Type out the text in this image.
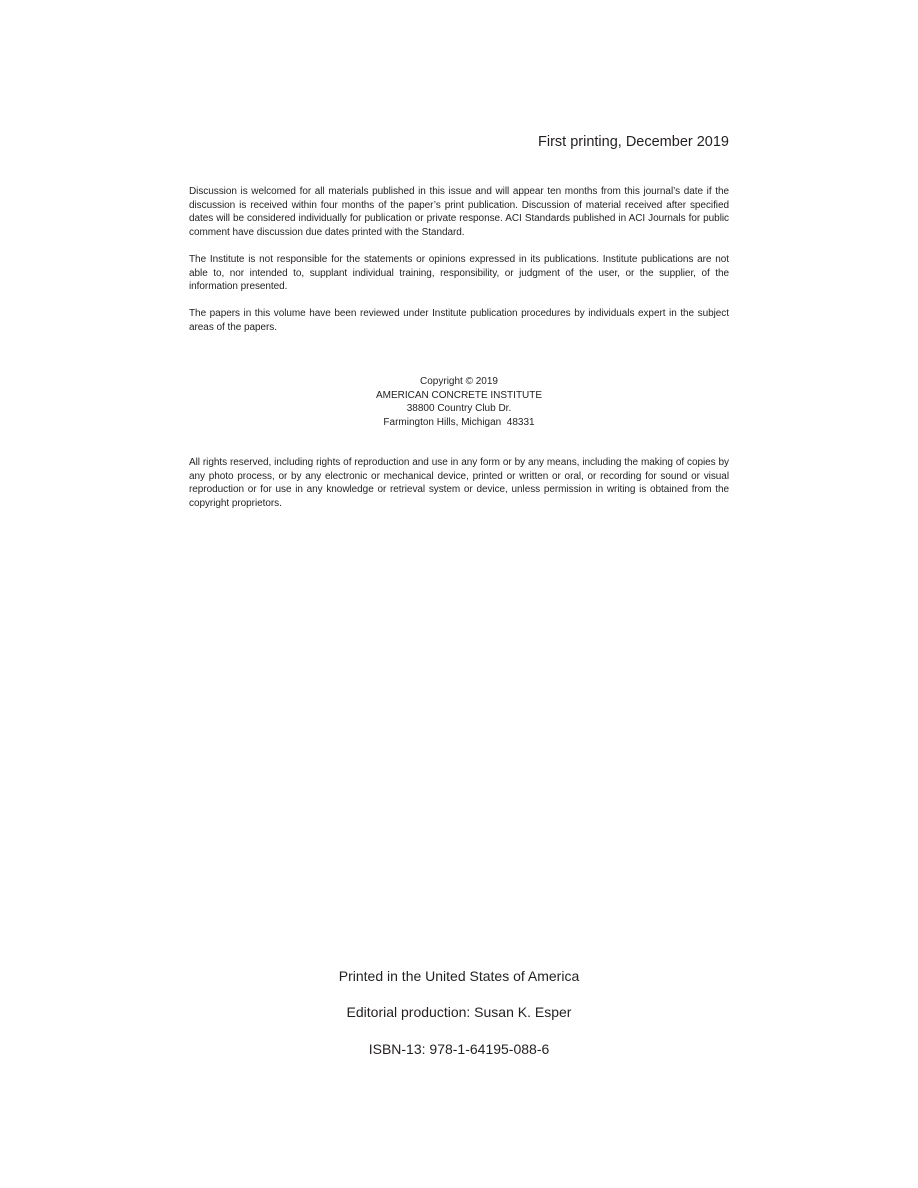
First printing, December 2019

Discussion is welcomed for all materials published in this issue and will appear ten months from this journal’s date if the discussion is received within four months of the paper’s print publication. Discussion of material received after specified dates will be considered individually for publication or private response. ACI Standards published in ACI Journals for public comment have discussion due dates printed with the Standard.

The Institute is not responsible for the statements or opinions expressed in its publications. Institute publications are not able to, nor intended to, supplant individual training, responsibility, or judgment of the user, or the supplier, of the information presented.

The papers in this volume have been reviewed under Institute publication procedures by individuals expert in the subject areas of the papers.

Copyright © 2019
AMERICAN CONCRETE INSTITUTE
38800 Country Club Dr.
Farmington Hills, Michigan  48331

All rights reserved, including rights of reproduction and use in any form or by any means, including the making of copies by any photo process, or by any electronic or mechanical device, printed or written or oral, or recording for sound or visual reproduction or for use in any knowledge or retrieval system or device, unless permission in writing is obtained from the copyright proprietors.

Printed in the United States of America
Editorial production: Susan K. Esper
ISBN-13: 978-1-64195-088-6
